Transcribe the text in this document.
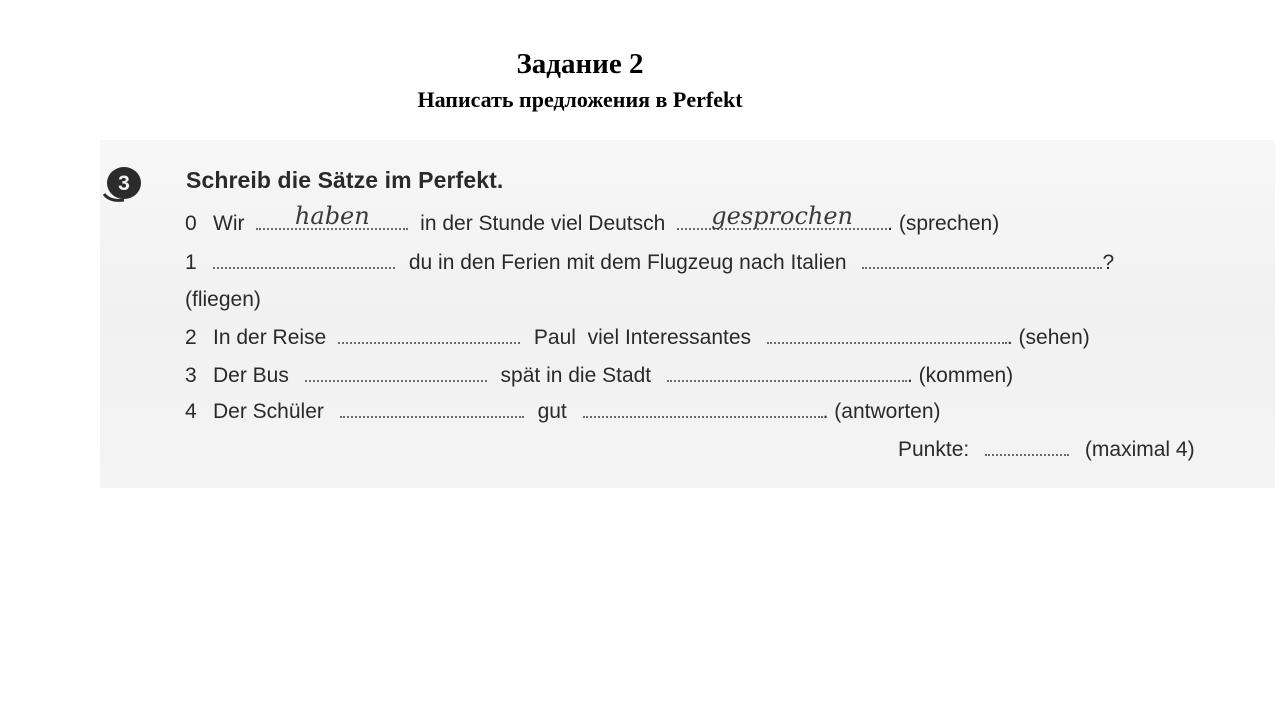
Задание 2
Написать предложения в Perfekt
3 Schreib die Sätze im Perfekt.
0 Wir	haben	in der Stunde viel Deutsch	gesprochen	. (sprechen)
1	du in den Ferien mit dem Flugzeug nach Italien	?
(fliegen)
2 In der Reise	Paul  viel Interessantes	. (sehen)
3 Der Bus	spät in die Stadt	. (kommen)
4 Der Schüler	gut	. (antworten)
Punkte:	(maximal 4)
